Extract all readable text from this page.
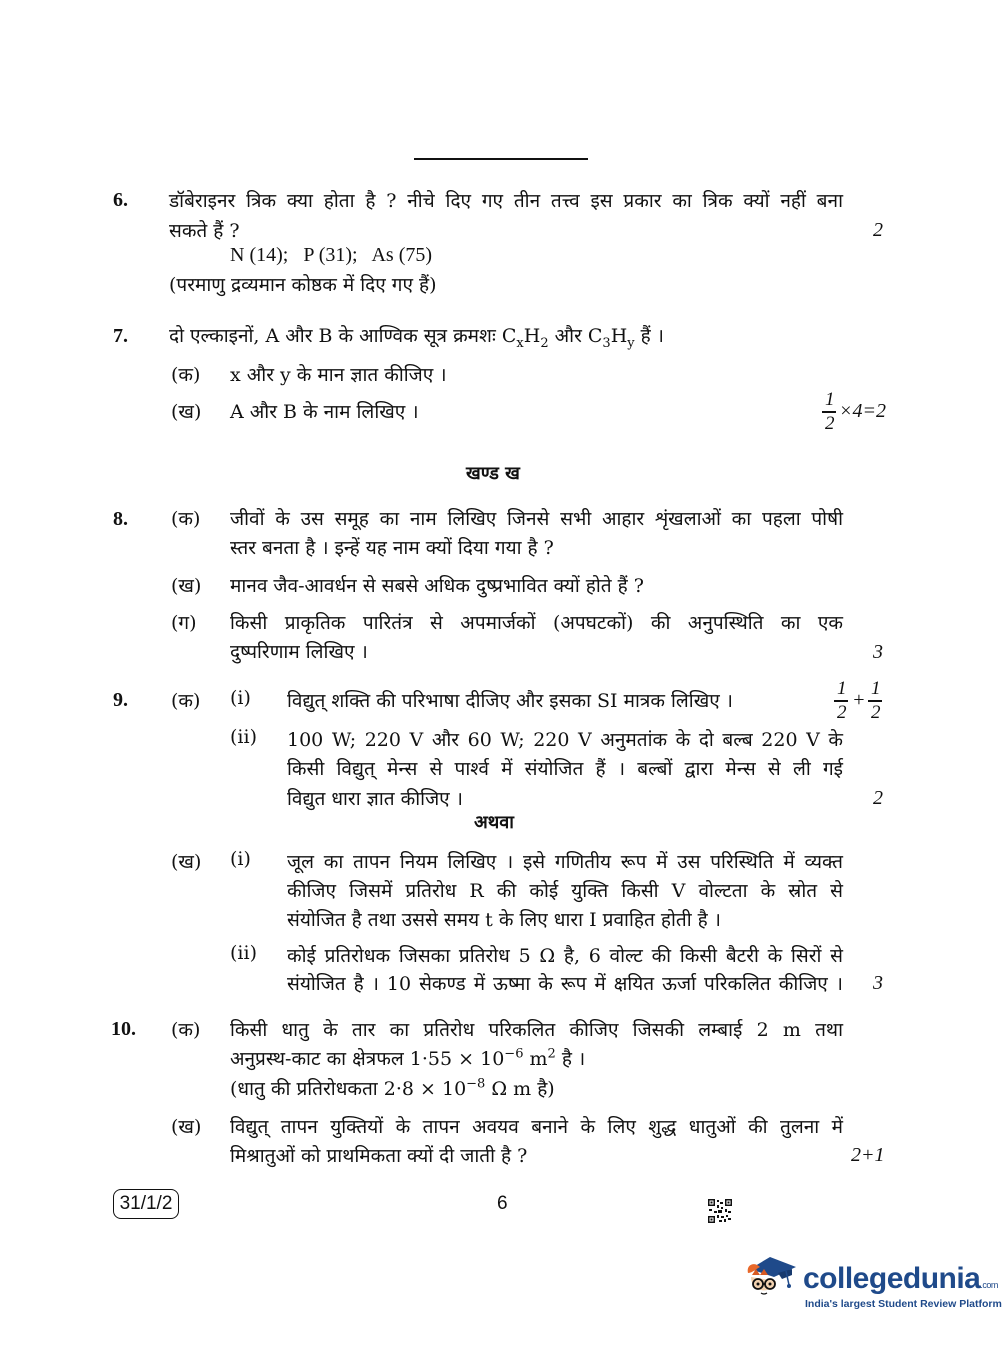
6. डॉबेराइनर त्रिक क्या होता है ? नीचे दिए गए तीन तत्त्व इस प्रकार का त्रिक क्यों नहीं बना
सकते हैं ?	2
N (14);   P (31);   As (75)
(परमाणु द्रव्यमान कोष्ठक में दिए गए हैं)
7. दो एल्काइनों, A और B के आण्विक सूत्र क्रमशः $C_xH_2$ और $C_3H_y$ हैं ।
(क) x और y के मान ज्ञात कीजिए ।
(ख) A और B के नाम लिखिए ।
1
2
×4=2
खण्ड ख
8. (क) जीवों के उस समूह का नाम लिखिए जिनसे सभी आहार शृंखलाओं का पहला पोषी
स्तर बनता है । इन्हें यह नाम क्यों दिया गया है ?
(ख) मानव जैव-आवर्धन से सबसे अधिक दुष्प्रभावित क्यों होते हैं ?
(ग) किसी प्राकृतिक पारितंत्र से अपमार्जकों (अपघटकों) की अनुपस्थिति का एक
दुष्परिणाम लिखिए ।	3
9. (क) (i) विद्युत् शक्ति की परिभाषा दीजिए और इसका SI मात्रक लिखिए ।
1
2
+
1
2
(ii) 100 W; 220 V और 60 W; 220 V अनुमतांक के दो बल्ब 220 V के
किसी विद्युत् मेन्स से पार्श्व में संयोजित हैं । बल्बों द्वारा मेन्स से ली गई
विद्युत धारा ज्ञात कीजिए ।	2
अथवा
(ख) (i) जूल का तापन नियम लिखिए । इसे गणितीय रूप में उस परिस्थिति में व्यक्त
कीजिए जिसमें प्रतिरोध R की कोई युक्ति किसी V वोल्टता के स्रोत से
संयोजित है तथा उससे समय t के लिए धारा I प्रवाहित होती है ।
(ii) कोई प्रतिरोधक जिसका प्रतिरोध 5 Ω है, 6 वोल्ट की किसी बैटरी के सिरों से
संयोजित है । 10 सेकण्ड में ऊष्मा के रूप में क्षयित ऊर्जा परिकलित कीजिए । 3
10. (क) किसी धातु के तार का प्रतिरोध परिकलित कीजिए जिसकी लम्बाई 2 m तथा
अनुप्रस्थ-काट का क्षेत्रफल $1\cdot 55 \times 10^{-6}$ $m^2$ है ।
(धातु की प्रतिरोधकता $2\cdot 8 \times 10^{-8}$ Ω m है)
(ख) विद्युत् तापन युक्तियों के तापन अवयव बनाने के लिए शुद्ध धातुओं की तुलना में
मिश्रातुओं को प्राथमिकता क्यों दी जाती है ?	2+1
31/1/2	6
collegedunia.com
India's largest Student Review Platform
